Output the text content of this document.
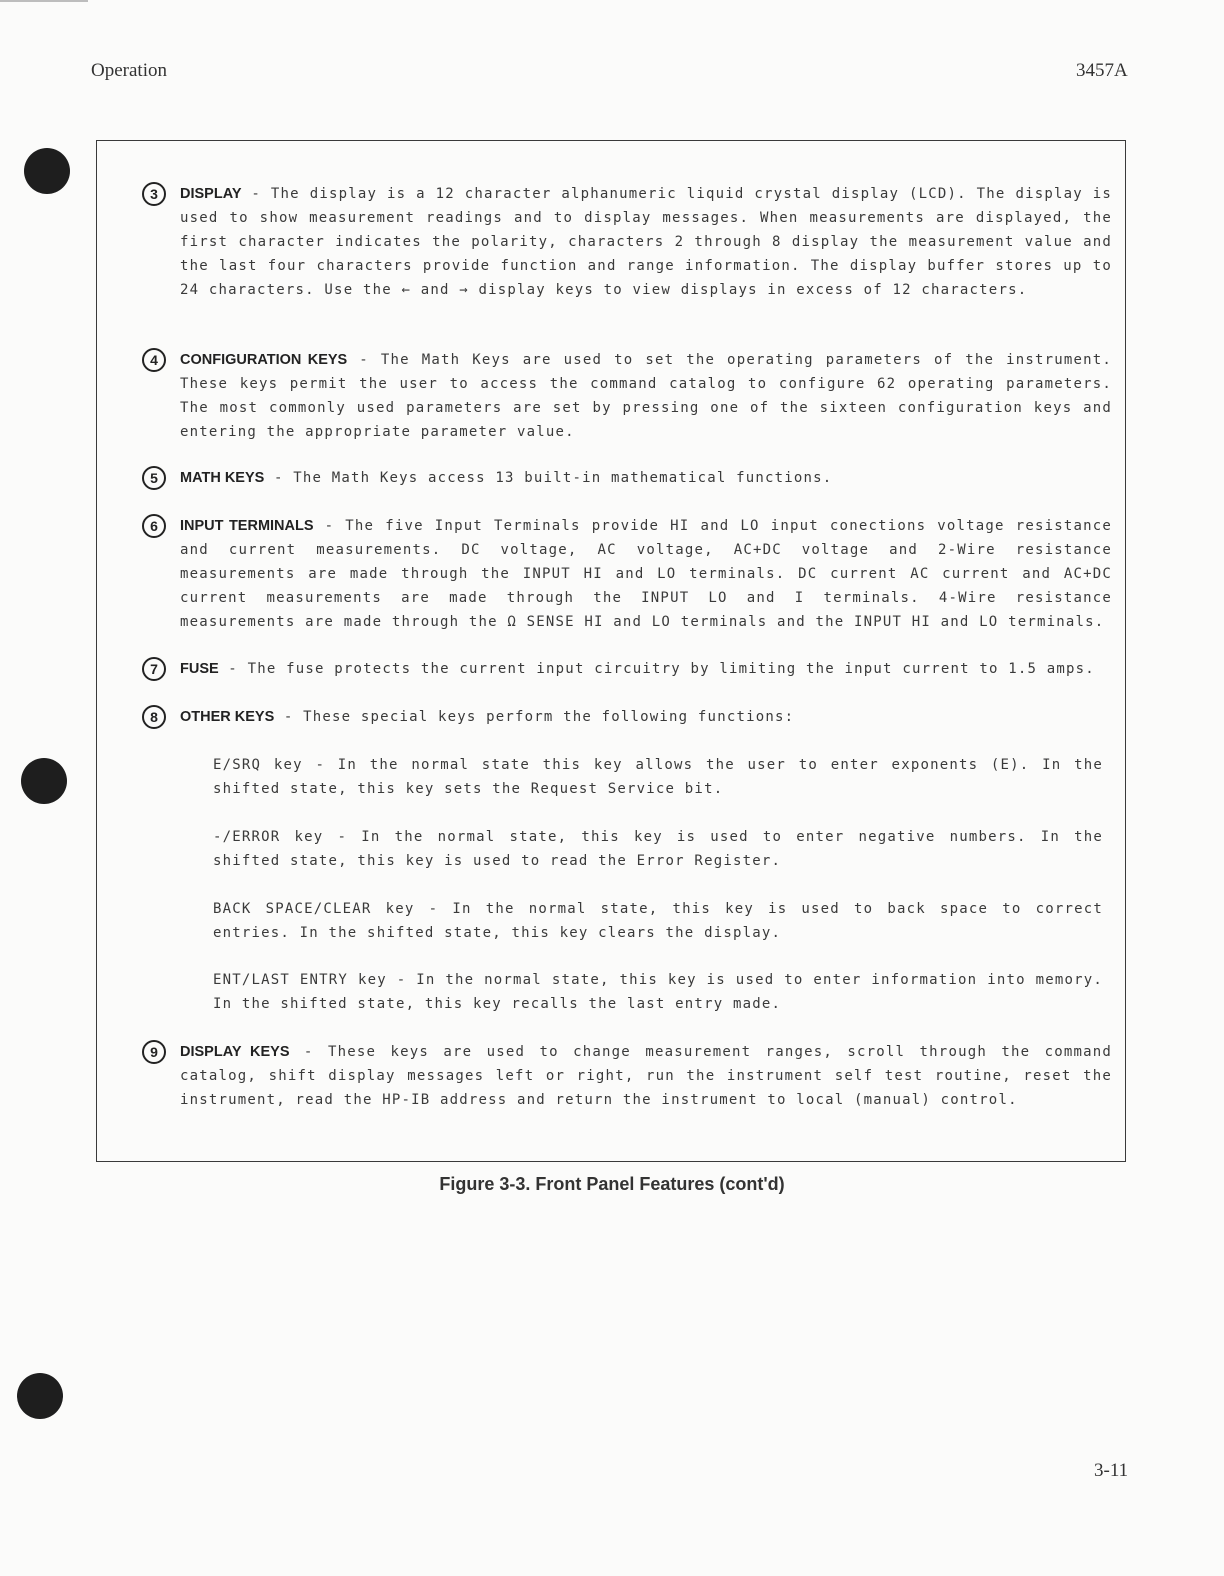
Operation	3457A
3	DISPLAY - The display is a 12 character alphanumeric liquid crystal display (LCD). The display is used to show measurement readings and to display messages. When measurements are displayed, the first character indicates the polarity, characters 2 through 8 display the measurement value and the last four characters provide function and range information. The display buffer stores up to 24 characters. Use the ← and → display keys to view displays in excess of 12 characters.
4	CONFIGURATION KEYS - The Math Keys are used to set the operating parameters of the instrument. These keys permit the user to access the command catalog to configure 62 operating parameters. The most commonly used parameters are set by pressing one of the sixteen configuration keys and entering the appropriate parameter value.
5	MATH KEYS - The Math Keys access 13 built-in mathematical functions.
6	INPUT TERMINALS - The five Input Terminals provide HI and LO input conections voltage resistance and current measurements. DC voltage, AC voltage, AC+DC voltage and 2-Wire resistance measurements are made through the INPUT HI and LO terminals. DC current AC current and AC+DC current measurements are made through the INPUT LO and I terminals. 4-Wire resistance measurements are made through the Ω SENSE HI and LO terminals and the INPUT HI and LO terminals.
7	FUSE - The fuse protects the current input circuitry by limiting the input current to 1.5 amps.
8	OTHER KEYS - These special keys perform the following functions:
E/SRQ key - In the normal state this key allows the user to enter exponents (E). In the shifted state, this key sets the Request Service bit.
-/ERROR key - In the normal state, this key is used to enter negative numbers. In the shifted state, this key is used to read the Error Register.
BACK SPACE/CLEAR key - In the normal state, this key is used to back space to correct entries. In the shifted state, this key clears the display.
ENT/LAST ENTRY key - In the normal state, this key is used to enter information into memory. In the shifted state, this key recalls the last entry made.
9	DISPLAY KEYS - These keys are used to change measurement ranges, scroll through the command catalog, shift display messages left or right, run the instrument self test routine, reset the instrument, read the HP-IB address and return the instrument to local (manual) control.
Figure 3-3. Front Panel Features (cont'd)
3-11
